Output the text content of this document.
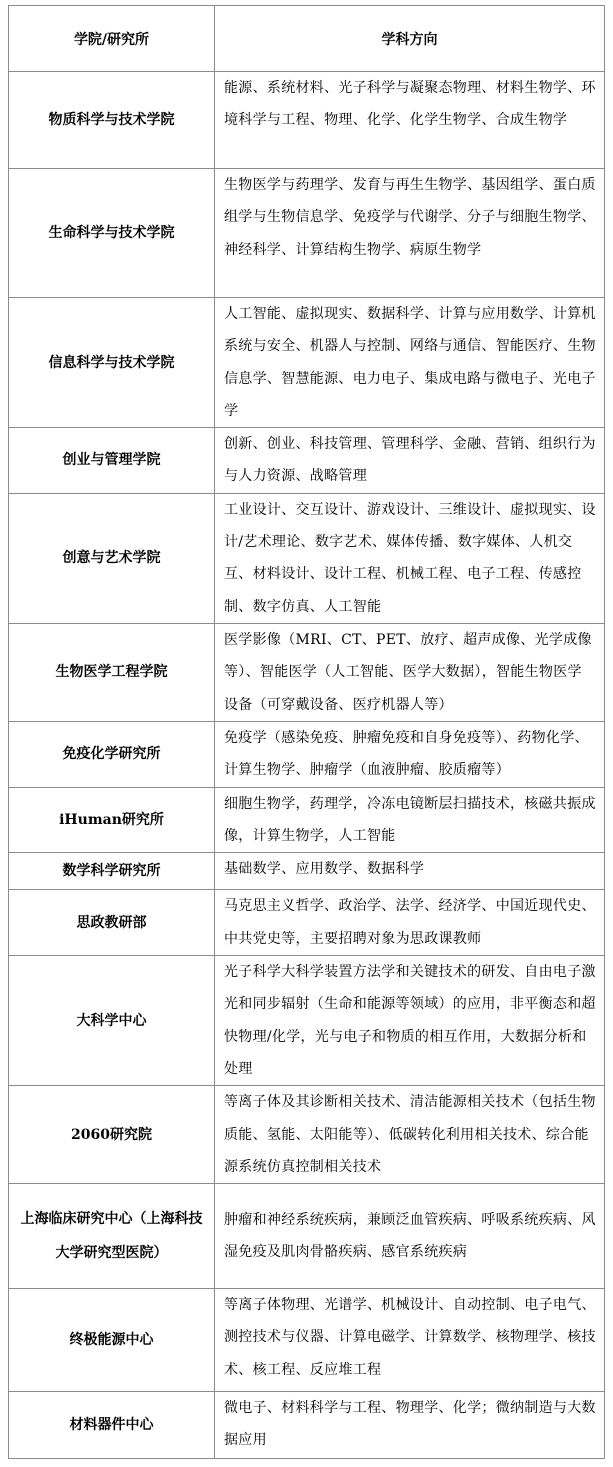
学院/研究所	学科方向
物质科学与技术学院	能源、系统材料、光子科学与凝聚态物理、材料生物学、环境科学与工程、物理、化学、化学生物学、合成生物学
生命科学与技术学院	生物医学与药理学、发育与再生生物学、基因组学、蛋白质组学与生物信息学、免疫学与代谢学、分子与细胞生物学、神经科学、计算结构生物学、病原生物学
信息科学与技术学院	人工智能、虚拟现实、数据科学、计算与应用数学、计算机系统与安全、机器人与控制、网络与通信、智能医疗、生物信息学、智慧能源、电力电子、集成电路与微电子、光电子学
创业与管理学院	创新、创业、科技管理、管理科学、金融、营销、组织行为与人力资源、战略管理
创意与艺术学院	工业设计、交互设计、游戏设计、三维设计、虚拟现实、设计/艺术理论、数字艺术、媒体传播、数字媒体、人机交互、材料设计、设计工程、机械工程、电子工程、传感控制、数字仿真、人工智能
生物医学工程学院	医学影像（MRI、CT、PET、放疗、超声成像、光学成像等）、智能医学（人工智能、医学大数据），智能生物医学设备（可穿戴设备、医疗机器人等）
免疫化学研究所	免疫学（感染免疫、肿瘤免疫和自身免疫等）、药物化学、计算生物学、肿瘤学（血液肿瘤、胶质瘤等）
iHuman研究所	细胞生物学，药理学，冷冻电镜断层扫描技术，核磁共振成像，计算生物学，人工智能
数学科学研究所	基础数学、应用数学、数据科学
思政教研部	马克思主义哲学、政治学、法学、经济学、中国近现代史、中共党史等，主要招聘对象为思政课教师
大科学中心	光子科学大科学装置方法学和关键技术的研发、自由电子激光和同步辐射（生命和能源等领域）的应用，非平衡态和超快物理/化学，光与电子和物质的相互作用，大数据分析和处理
2060研究院	等离子体及其诊断相关技术、清洁能源相关技术（包括生物质能、氢能、太阳能等）、低碳转化利用相关技术、综合能源系统仿真控制相关技术
上海临床研究中心（上海科技大学研究型医院）	肿瘤和神经系统疾病，兼顾泛血管疾病、呼吸系统疾病、风湿免疫及肌肉骨骼疾病、感官系统疾病
终极能源中心	等离子体物理、光谱学、机械设计、自动控制、电子电气、测控技术与仪器、计算电磁学、计算数学、核物理学、核技术、核工程、反应堆工程
材料器件中心	微电子、材料科学与工程、物理学、化学；微纳制造与大数据应用
